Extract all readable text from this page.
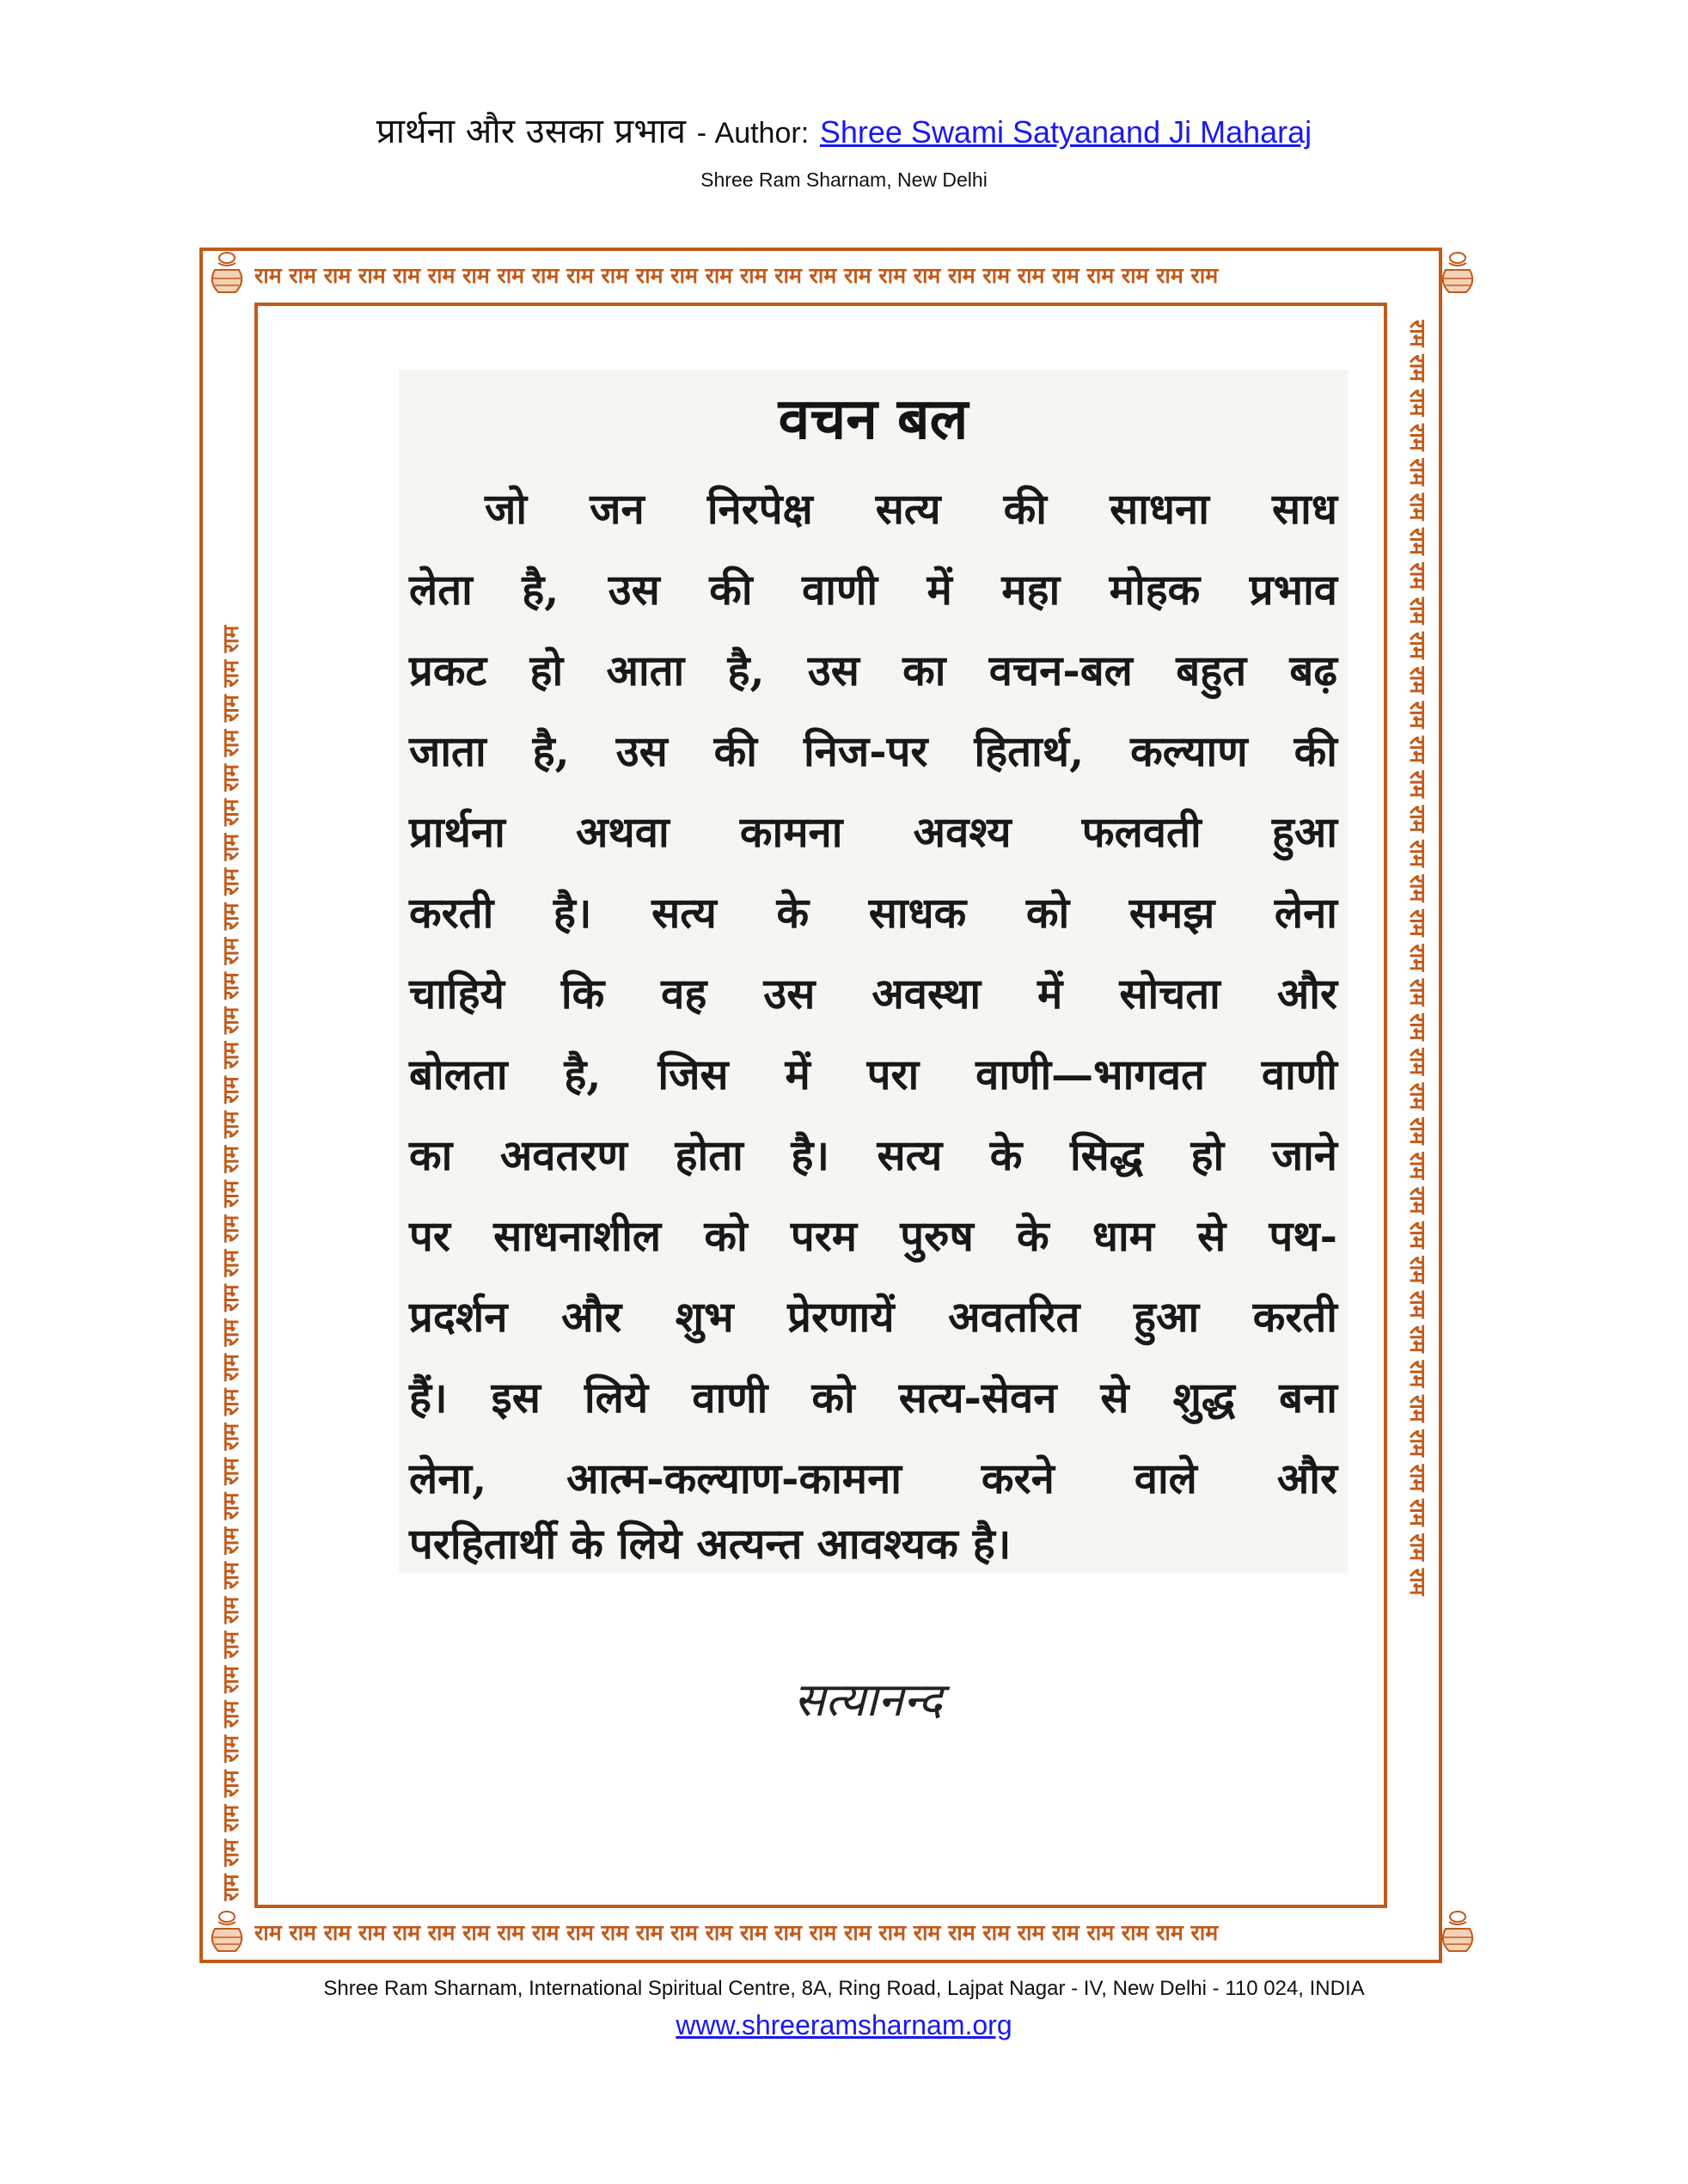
प्रार्थना और उसका प्रभाव - Author: Shree Swami Satyanand Ji Maharaj
Shree Ram Sharnam, New Delhi
राम राम राम राम राम राम राम राम राम राम राम राम राम राम राम राम राम राम राम राम राम राम राम राम राम राम राम राम
राम राम राम राम राम राम राम राम राम राम राम राम राम राम राम राम राम राम राम राम राम राम राम राम राम राम राम राम
राम राम राम राम राम राम राम राम राम राम राम राम राम राम राम राम राम राम राम राम राम राम राम राम राम राम राम राम राम राम राम राम राम राम राम राम राम	राम राम राम राम राम राम राम राम राम राम राम राम राम राम राम राम राम राम राम राम राम राम राम राम राम राम राम राम राम राम राम राम राम राम राम राम राम
वचन बल
जो जन निरपेक्ष सत्य की साधना साध
लेता है, उस की वाणी में महा मोहक प्रभाव
प्रकट हो आता है, उस का वचन-बल बहुत बढ़
जाता है, उस की निज-पर हितार्थ, कल्याण की
प्रार्थना अथवा कामना अवश्य फलवती हुआ
करती है। सत्य के साधक को समझ लेना
चाहिये कि वह उस अवस्था में सोचता और
बोलता है, जिस में परा वाणी—भागवत वाणी
का अवतरण होता है। सत्य के सिद्ध हो जाने
पर साधनाशील को परम पुरुष के धाम से पथ-
प्रदर्शन और शुभ प्रेरणायें अवतरित हुआ करती
हैं। इस लिये वाणी को सत्य-सेवन से शुद्ध बना
लेना, आत्म-कल्याण-कामना करने वाले और
परहितार्थी के लिये अत्यन्त आवश्यक है।
सत्यानन्द
Shree Ram Sharnam, International Spiritual Centre, 8A, Ring Road, Lajpat Nagar - IV, New Delhi - 110 024, INDIA
www.shreeramsharnam.org
